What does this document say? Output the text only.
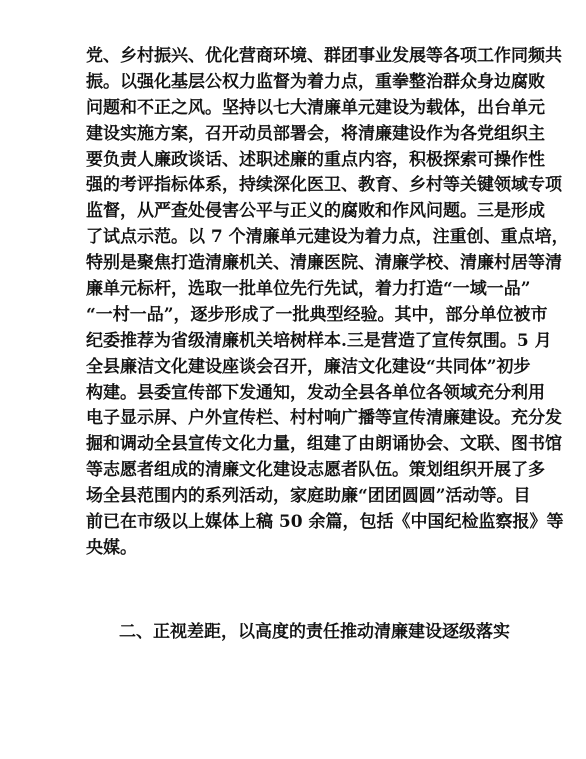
党、乡村振兴、优化营商环境、群团事业发展等各项工作同频共
振。以强化基层公权力监督为着力点，重拳整治群众身边腐败
问题和不正之风。坚持以七大清廉单元建设为载体，出台单元
建设实施方案，召开动员部署会，将清廉建设作为各党组织主
要负责人廉政谈话、述职述廉的重点内容，积极探索可操作性
强的考评指标体系，持续深化医卫、教育、乡村等关键领域专项
监督，从严查处侵害公平与正义的腐败和作风问题。三是形成
了试点示范。以 7 个清廉单元建设为着力点，注重创、重点培，
特别是聚焦打造清廉机关、清廉医院、清廉学校、清廉村居等清
廉单元标杆，选取一批单位先行先试，着力打造“一域一品”
“一村一品”，逐步形成了一批典型经验。其中，部分单位被市
纪委推荐为省级清廉机关培树样本.三是营造了宣传氛围。5 月
全县廉洁文化建设座谈会召开，廉洁文化建设“共同体”初步
构建。县委宣传部下发通知，发动全县各单位各领域充分利用
电子显示屏、户外宣传栏、村村响广播等宣传清廉建设。充分发
掘和调动全县宣传文化力量，组建了由朗诵协会、文联、图书馆
等志愿者组成的清廉文化建设志愿者队伍。策划组织开展了多
场全县范围内的系列活动，家庭助廉“团团圆圆”活动等。目
前已在市级以上媒体上稿 50 余篇，包括《中国纪检监察报》等
央媒。

二、正视差距，以高度的责任推动清廉建设逐级落实
